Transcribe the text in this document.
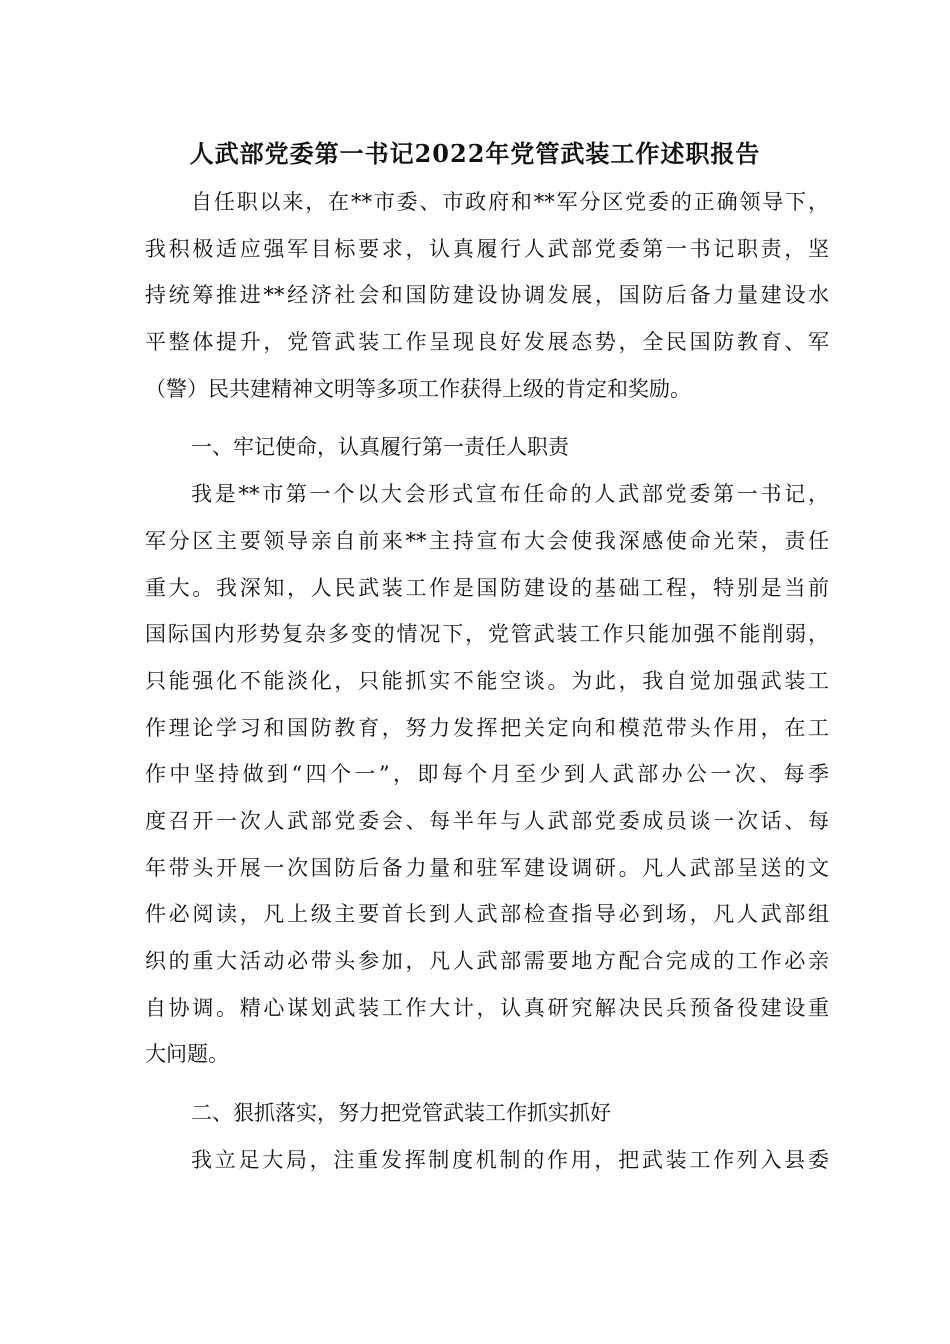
人武部党委第一书记2022年党管武装工作述职报告
自任职以来，在**市委、市政府和**军分区党委的正确领导下，
我积极适应强军目标要求，认真履行人武部党委第一书记职责，坚
持统筹推进**经济社会和国防建设协调发展，国防后备力量建设水
平整体提升，党管武装工作呈现良好发展态势，全民国防教育、军
（警）民共建精神文明等多项工作获得上级的肯定和奖励。
一、牢记使命，认真履行第一责任人职责
我是**市第一个以大会形式宣布任命的人武部党委第一书记，
军分区主要领导亲自前来**主持宣布大会使我深感使命光荣，责任
重大。我深知，人民武装工作是国防建设的基础工程，特别是当前
国际国内形势复杂多变的情况下，党管武装工作只能加强不能削弱，
只能强化不能淡化，只能抓实不能空谈。为此，我自觉加强武装工
作理论学习和国防教育，努力发挥把关定向和模范带头作用，在工
作中坚持做到“四个一”，即每个月至少到人武部办公一次、每季
度召开一次人武部党委会、每半年与人武部党委成员谈一次话、每
年带头开展一次国防后备力量和驻军建设调研。凡人武部呈送的文
件必阅读，凡上级主要首长到人武部检查指导必到场，凡人武部组
织的重大活动必带头参加，凡人武部需要地方配合完成的工作必亲
自协调。精心谋划武装工作大计，认真研究解决民兵预备役建设重
大问题。
二、狠抓落实，努力把党管武装工作抓实抓好
我立足大局，注重发挥制度机制的作用，把武装工作列入县委
